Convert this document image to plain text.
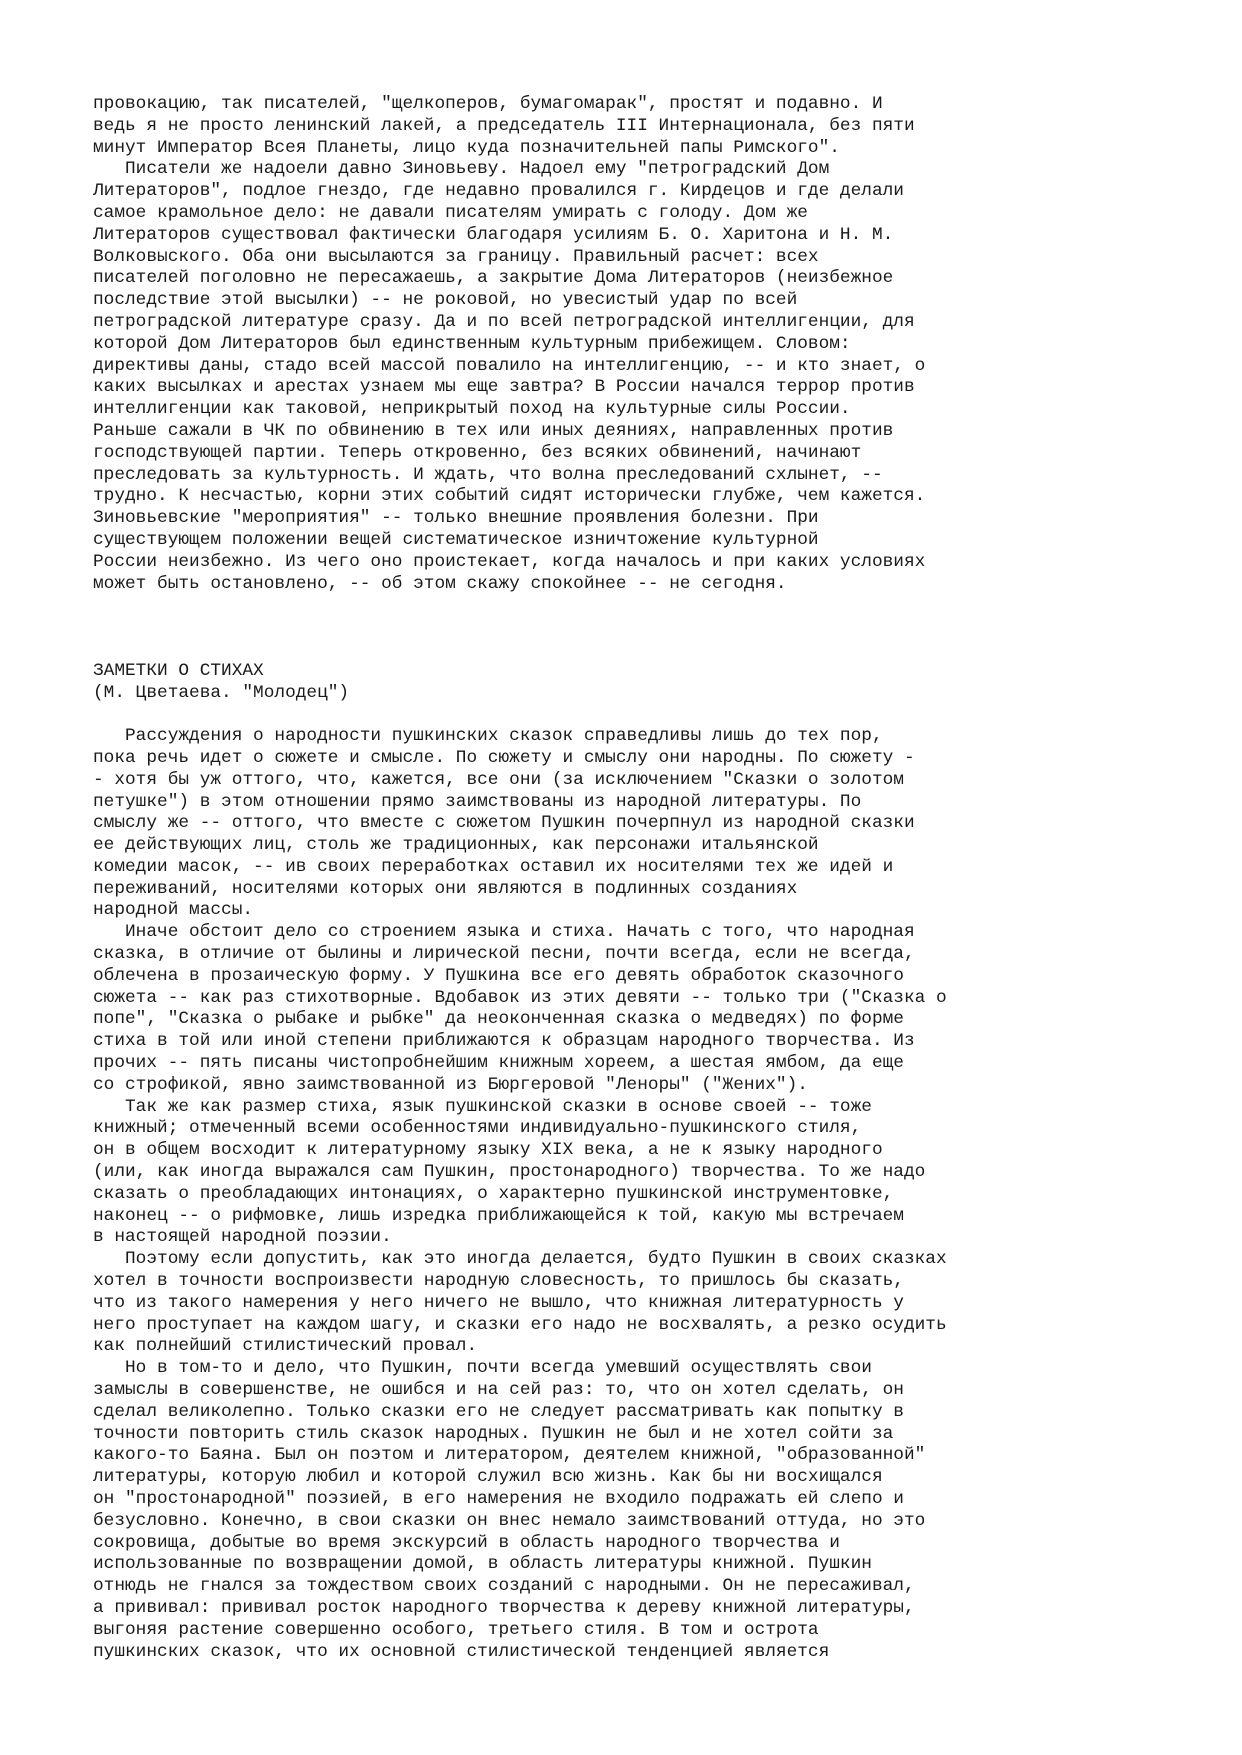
провокацию, так писателей, "щелкоперов, бумагомарак", простят и подавно. И
ведь я не просто ленинский лакей, а председатель III Интернационала, без пяти
минут Император Всея Планеты, лицо куда позначительней папы Римского".
Писатели же надоели давно Зиновьеву. Надоел ему "петроградский Дом
Литераторов", подлое гнездо, где недавно провалился г. Кирдецов и где делали
самое крамольное дело: не давали писателям умирать с голоду. Дом же
Литераторов существовал фактически благодаря усилиям Б. О. Харитона и Н. М.
Волковыского. Оба они высылаются за границу. Правильный расчет: всех
писателей поголовно не пересажаешь, а закрытие Дома Литераторов (неизбежное
последствие этой высылки) -- не роковой, но увесистый удар по всей
петроградской литературе сразу. Да и по всей петроградской интеллигенции, для
которой Дом Литераторов был единственным культурным прибежищем. Словом:
директивы даны, стадо всей массой повалило на интеллигенцию, -- и кто знает, о
каких высылках и арестах узнаем мы еще завтра? В России начался террор против
интеллигенции как таковой, неприкрытый поход на культурные силы России.
Раньше сажали в ЧК по обвинению в тех или иных деяниях, направленных против
господствующей партии. Теперь откровенно, без всяких обвинений, начинают
преследовать за культурность. И ждать, что волна преследований схлынет, --
трудно. К несчастью, корни этих событий сидят исторически глубже, чем кажется.
Зиновьевские "мероприятия" -- только внешние проявления болезни. При
существующем положении вещей систематическое изничтожение культурной
России неизбежно. Из чего оно проистекает, когда началось и при каких условиях
может быть остановлено, -- об этом скажу спокойнее -- не сегодня.
ЗАМЕТКИ О СТИХАХ
(М. Цветаева. "Молодец")
Рассуждения о народности пушкинских сказок справедливы лишь до тех пор,
пока речь идет о сюжете и смысле. По сюжету и смыслу они народны. По сюжету -
- хотя бы уж оттого, что, кажется, все они (за исключением "Сказки о золотом
петушке") в этом отношении прямо заимствованы из народной литературы. По
смыслу же -- оттого, что вместе с сюжетом Пушкин почерпнул из народной сказки
ее действующих лиц, столь же традиционных, как персонажи итальянской
комедии масок, -- ив своих переработках оставил их носителями тех же идей и
переживаний, носителями которых они являются в подлинных созданиях
народной массы.
Иначе обстоит дело со строением языка и стиха. Начать с того, что народная
сказка, в отличие от былины и лирической песни, почти всегда, если не всегда,
облечена в прозаическую форму. У Пушкина все его девять обработок сказочного
сюжета -- как раз стихотворные. Вдобавок из этих девяти -- только три ("Сказка о
попе", "Сказка о рыбаке и рыбке" да неоконченная сказка о медведях) по форме
стиха в той или иной степени приближаются к образцам народного творчества. Из
прочих -- пять писаны чистопробнейшим книжным хореем, а шестая ямбом, да еще
со строфикой, явно заимствованной из Бюргеровой "Леноры" ("Жених").
Так же как размер стиха, язык пушкинской сказки в основе своей -- тоже
книжный; отмеченный всеми особенностями индивидуально-пушкинского стиля,
он в общем восходит к литературному языку XIX века, а не к языку народного
(или, как иногда выражался сам Пушкин, простонародного) творчества. То же надо
сказать о преобладающих интонациях, о характерно пушкинской инструментовке,
наконец -- о рифмовке, лишь изредка приближающейся к той, какую мы встречаем
в настоящей народной поэзии.
Поэтому если допустить, как это иногда делается, будто Пушкин в своих сказках
хотел в точности воспроизвести народную словесность, то пришлось бы сказать,
что из такого намерения у него ничего не вышло, что книжная литературность у
него проступает на каждом шагу, и сказки его надо не восхвалять, а резко осудить
как полнейший стилистический провал.
Но в том-то и дело, что Пушкин, почти всегда умевший осуществлять свои
замыслы в совершенстве, не ошибся и на сей раз: то, что он хотел сделать, он
сделал великолепно. Только сказки его не следует рассматривать как попытку в
точности повторить стиль сказок народных. Пушкин не был и не хотел сойти за
какого-то Баяна. Был он поэтом и литератором, деятелем книжной, "образованной"
литературы, которую любил и которой служил всю жизнь. Как бы ни восхищался
он "простонародной" поэзией, в его намерения не входило подражать ей слепо и
безусловно. Конечно, в свои сказки он внес немало заимствований оттуда, но это
сокровища, добытые во время экскурсий в область народного творчества и
использованные по возвращении домой, в область литературы книжной. Пушкин
отнюдь не гнался за тождеством своих созданий с народными. Он не пересаживал,
а прививал: прививал росток народного творчества к дереву книжной литературы,
выгоняя растение совершенно особого, третьего стиля. В том и острота
пушкинских сказок, что их основной стилистической тенденцией является
